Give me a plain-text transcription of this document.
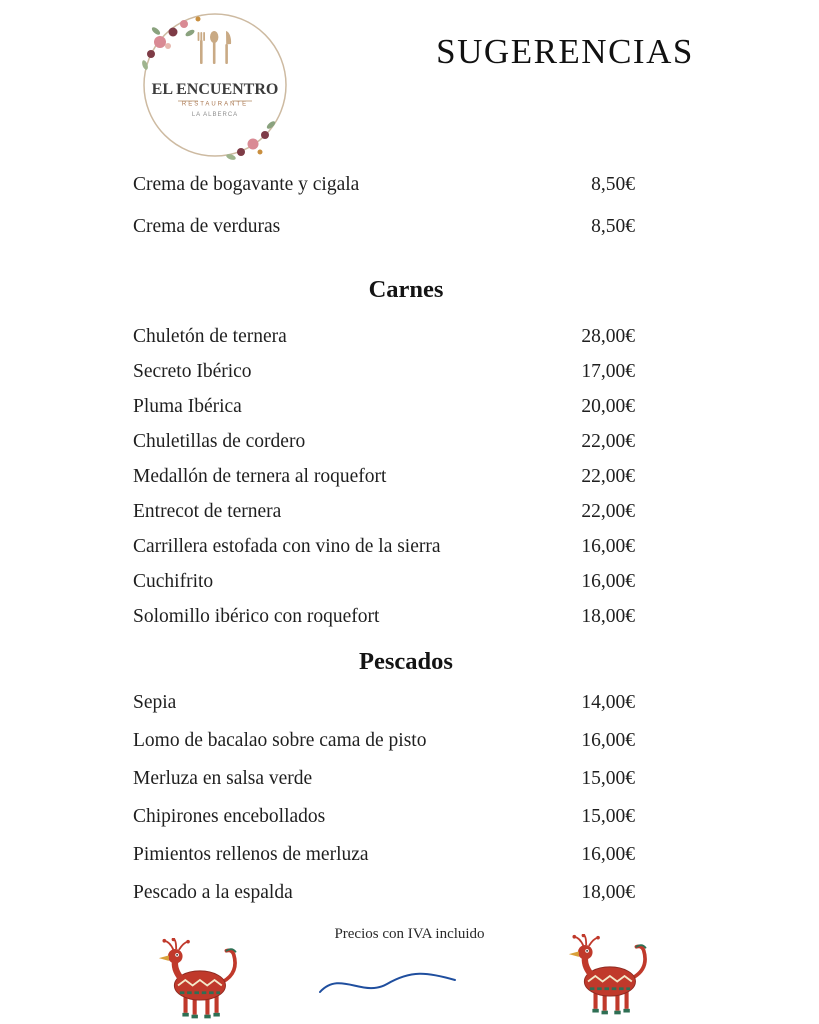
EL ENCUENTRO
RESTAURANTE
LA ALBERCA
SUGERENCIAS
Crema de bogavante y cigala	8,50€
Crema de verduras	8,50€
Carnes
Chuletón de ternera	28,00€
Secreto Ibérico	17,00€
Pluma Ibérica	20,00€
Chuletillas de cordero	22,00€
Medallón de ternera al roquefort	22,00€
Entrecot de ternera	22,00€
Carrillera estofada con vino de la sierra	16,00€
Cuchifrito	16,00€
Solomillo ibérico con roquefort	18,00€
Pescados
Sepia	14,00€
Lomo de bacalao sobre cama de pisto	16,00€
Merluza en salsa verde	15,00€
Chipirones encebollados	15,00€
Pimientos rellenos de merluza	16,00€
Pescado a la espalda	18,00€
Precios con IVA incluido
